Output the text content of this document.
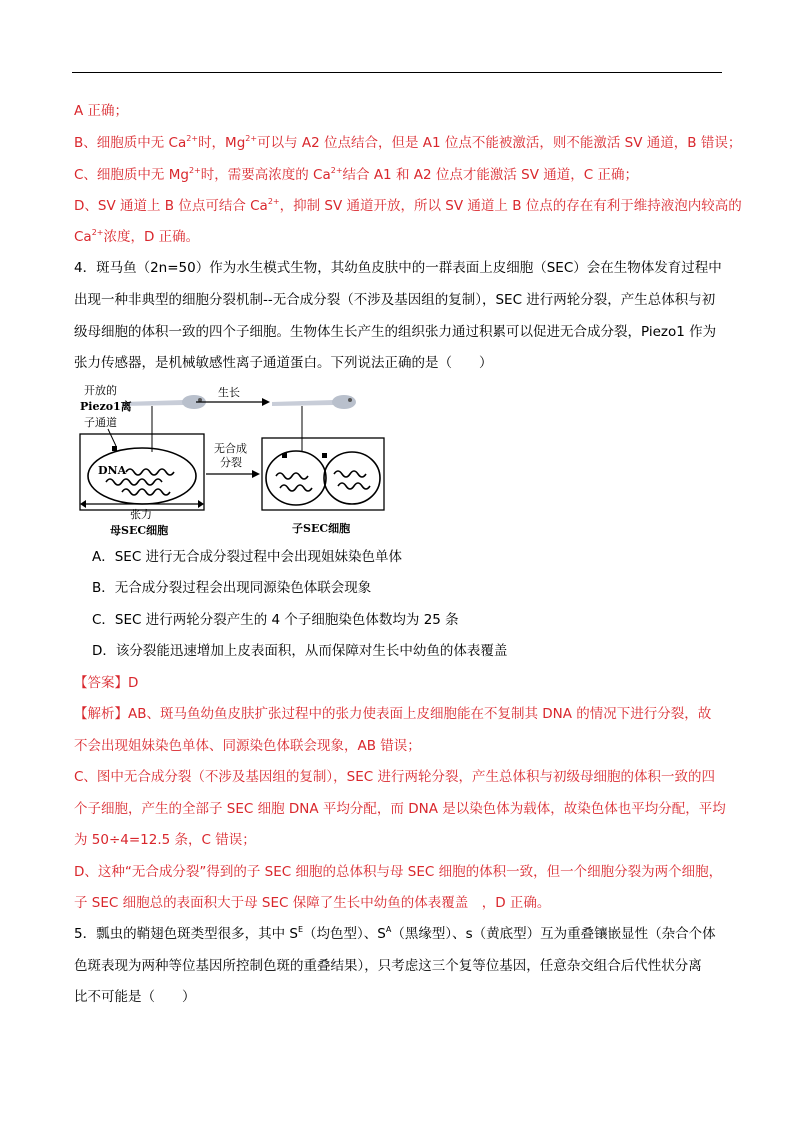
A 正确；
B、细胞质中无 $Ca^{2+}$时，$Mg^{2+}$可以与 A2 位点结合，但是 A1 位点不能被激活，则不能激活 SV 通道，B 错误；
C、细胞质中无 $Mg^{2+}$时，需要高浓度的 $Ca^{2+}$结合 A1 和 A2 位点才能激活 SV 通道，C 正确；
D、SV 通道上 B 位点可结合 $Ca^{2+}$，抑制 SV 通道开放，所以 SV 通道上 B 位点的存在有利于维持液泡内较高的
$Ca^{2+}$浓度，D 正确。
4．斑马鱼（2n=50）作为水生模式生物，其幼鱼皮肤中的一群表面上皮细胞（SEC）会在生物体发育过程中
出现一种非典型的细胞分裂机制--无合成分裂（不涉及基因组的复制），SEC 进行两轮分裂，产生总体积与初
级母细胞的体积一致的四个子细胞。生物体生长产生的组织张力通过积累可以促进无合成分裂，Piezo1 作为
张力传感器，是机械敏感性离子通道蛋白。下列说法正确的是（　　）
生长
开放的
Piezo1离
子通道
DNA
张力
母SEC细胞
无合成
分裂
子SEC细胞
A．SEC 进行无合成分裂过程中会出现姐妹染色单体
B．无合成分裂过程会出现同源染色体联会现象
C．SEC 进行两轮分裂产生的 4 个子细胞染色体数均为 25 条
D．该分裂能迅速增加上皮表面积，从而保障对生长中幼鱼的体表覆盖
【答案】D
【解析】AB、斑马鱼幼鱼皮肤扩张过程中的张力使表面上皮细胞能在不复制其 DNA 的情况下进行分裂，故
不会出现姐妹染色单体、同源染色体联会现象，AB 错误；
C、图中无合成分裂（不涉及基因组的复制），SEC 进行两轮分裂，产生总体积与初级母细胞的体积一致的四
个子细胞，产生的全部子 SEC 细胞 DNA 平均分配，而 DNA 是以染色体为载体，故染色体也平均分配，平均
为 50÷4=12.5 条，C 错误；
D、这种“无合成分裂”得到的子 SEC 细胞的总体积与母 SEC 细胞的体积一致，但一个细胞分裂为两个细胞，
子 SEC 细胞总的表面积大于母 SEC 保障了生长中幼鱼的体表覆盖　，D 正确。
5．瓢虫的鞘翅色斑类型很多，其中 $S^E$（均色型）、$S^A$（黑缘型）、s（黄底型）互为重叠镶嵌显性（杂合个体
色斑表现为两种等位基因所控制色斑的重叠结果），只考虑这三个复等位基因，任意杂交组合后代性状分离
比不可能是（　　）
